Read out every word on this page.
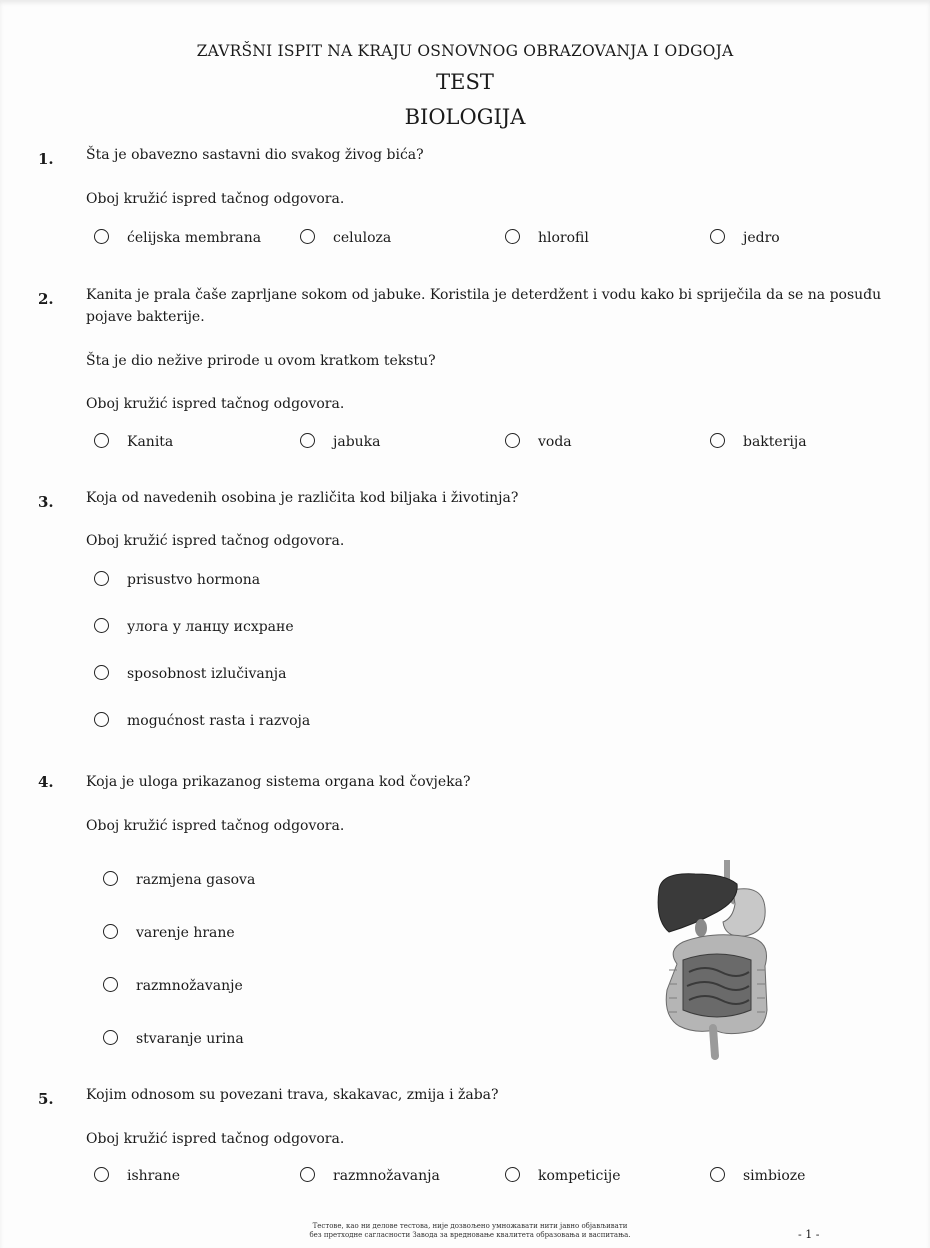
ZAVRŠNI ISPIT NA KRAJU OSNOVNOG OBRAZOVANJA I ODGOJA
TEST
BIOLOGIJA
1. Šta je obavezno sastavni dio svakog živog bića?
Oboj kružić ispred tačnog odgovora.
ćelijska membrana	celuloza	hlorofil	jedro
2. Kanita je prala čaše zaprljane sokom od jabuke. Koristila je deterdžent i vodu kako bi spriječila da se na posuđu pojave bakterije.
Šta je dio nežive prirode u ovom kratkom tekstu?
Oboj kružić ispred tačnog odgovora.
Kanita	jabuka	voda	bakterija
3. Koja od navedenih osobina je različita kod biljaka i životinja?
Oboj kružić ispred tačnog odgovora.
prisustvo hormona
улога у ланцу исхране
sposobnost izlučivanja
mogućnost rasta i razvoja
4. Koja je uloga prikazanog sistema organa kod čovjeka?
Oboj kružić ispred tačnog odgovora.
razmjena gasova
varenje hrane
razmnožavanje
stvaranje urina
5. Kojim odnosom su povezani trava, skakavac, zmija i žaba?
Oboj kružić ispred tačnog odgovora.
ishrane	razmnožavanja	kompeticije	simbioze
Тестове, као ни делове тестова, није дозвољено умножавати нити јавно објављивати
без претходне сагласности Завода за вредновање квалитета образовања и васпитања.	- 1 -
